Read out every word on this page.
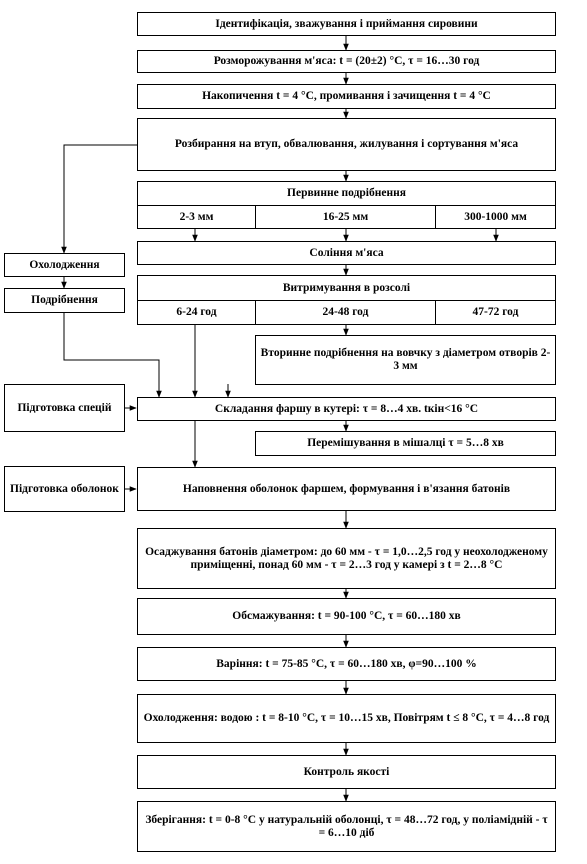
Ідентифікація, зважування і приймання сировини
Розморожування м'яса: t = (20±2) °С, τ = 16…30 год
Накопичення t = 4 °С, промивання і зачищення t = 4 °С
Розбирання на втуп, обвалювання, жилування і сортування м'яса
Первинне подрібнення
2-3 мм	16-25 мм	300-1000 мм
Соління м'яса
Витримування в розсолі
6-24 год	24-48 год	47-72 год
Вторинне подрібнення на вовчку з діаметром отворів 2-3 мм
Складання фаршу в кутері: τ = 8…4 хв. tкін<16 °С
Перемішування в мішалці τ = 5…8 хв
Наповнення оболонок фаршем, формування і в'язання батонів
Осаджування батонів діаметром: до 60 мм - τ = 1,0…2,5 год у неохолодженому приміщенні, понад 60 мм - τ = 2…3 год у камері з t = 2…8 °С
Обсмажування: t = 90-100 °С, τ = 60…180 хв
Варіння: t = 75-85 °С, τ = 60…180 хв, φ=90…100 %
Охолодження: водою : t = 8-10 °С, τ = 10…15 хв, Повітрям t ≤ 8 °С, τ = 4…8 год
Контроль якості
Зберігання: t = 0-8 °С у натуральній оболонці, τ = 48…72 год, у поліамідній - τ = 6…10 діб
Охолодження
Подрібнення
Підготовка спецій
Підготовка оболонок
